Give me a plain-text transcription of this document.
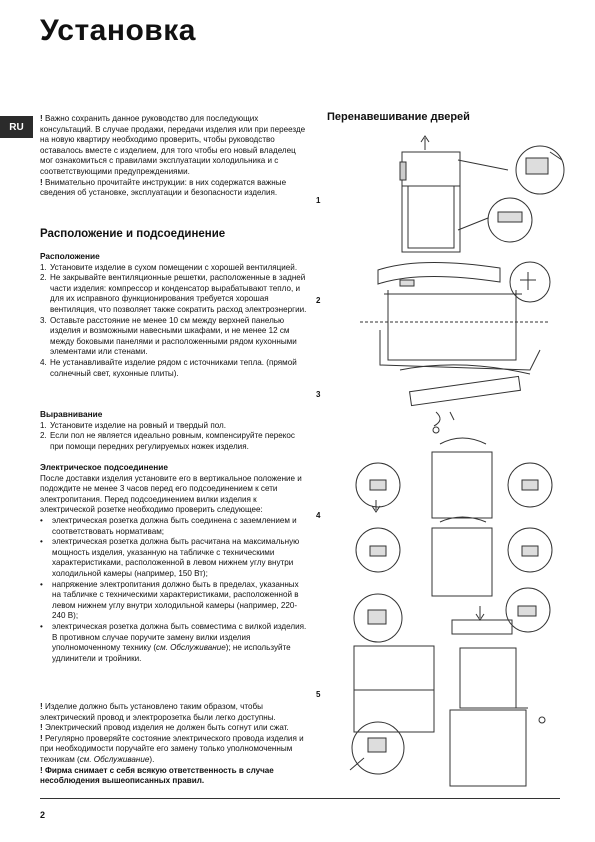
Установка
RU

! Важно сохранить данное руководство для последующих консультаций. В случае продажи, передачи изделия или при переезде на новую квартиру необходимо проверить, чтобы руководство оставалось вместе с изделием, для того чтобы его новый владелец мог ознакомиться с правилами эксплуатации холодильника и с соответствующими предупреждениями.

! Внимательно прочитайте инструкции: в них содержатся важные сведения об установке, эксплуатации и безопасности изделия.

Расположение и подсоединение
Расположение
1. Установите изделие в сухом помещении с хорошей вентиляцией.
2. Не закрывайте вентиляционные решетки, расположенные в задней части изделия: компрессор и конденсатор вырабатывают тепло, и для их исправного функционирования требуется хорошая вентиляция, что позволяет также сократить расход электроэнергии.
3. Оставьте расстояние не менее 10 см между верхней панелью изделия и возможными навесными шкафами, и не менее 12 см между боковыми панелями и расположенными рядом кухонными элементами или стенами.
4. Не устанавливайте изделие рядом с источниками тепла. (прямой солнечный свет, кухонные плиты).
Выравнивание
1. Установите изделие на ровный и твердый пол.
2. Если пол не является идеально ровным, компенсируйте перекос при помощи передних регулируемых ножек изделия.
Электрическое подсоединение

После доставки изделия установите его в вертикальное положение и подождите не менее 3 часов перед его подсоединением к сети электропитания. Перед подсоединением вилки изделия к электрической розетке необходимо проверить следующее:

•	электрическая розетка должна быть соединена с заземлением и соответствовать нормативам;
•	электрическая розетка должна быть расчитана на максимальную мощность изделия, указанную на табличке с техническими характеристиками, расположенной в левом нижнем углу внутри холодильной камеры (например, 150 Вт);
•	напряжение электропитания должно быть в пределах, указанных на табличке с техническими характеристиками, расположенной в левом нижнем углу внутри холодильной камеры (например, 220-240 В);
•	электрическая розетка должна быть совместима с вилкой изделия.
В противном случае поручите замену вилки изделия уполномоченному технику (см. Обслуживание); не используйте удлинители и тройники.

! Изделие должно быть установлено таким образом, чтобы электрический провод и электророзетка были легко доступны.

! Электрический провод изделия не должен быть согнут или сжат.

! Регулярно проверяйте состояние электрического провода изделия и при необходимости поручайте его замену только уполномоченным техникам (см. Обслуживание).

! Фирма снимает с себя всякую ответственность в случае несоблюдения вышеописанных правил.

Перенавешивание дверей
1
2
3
4
5
2
